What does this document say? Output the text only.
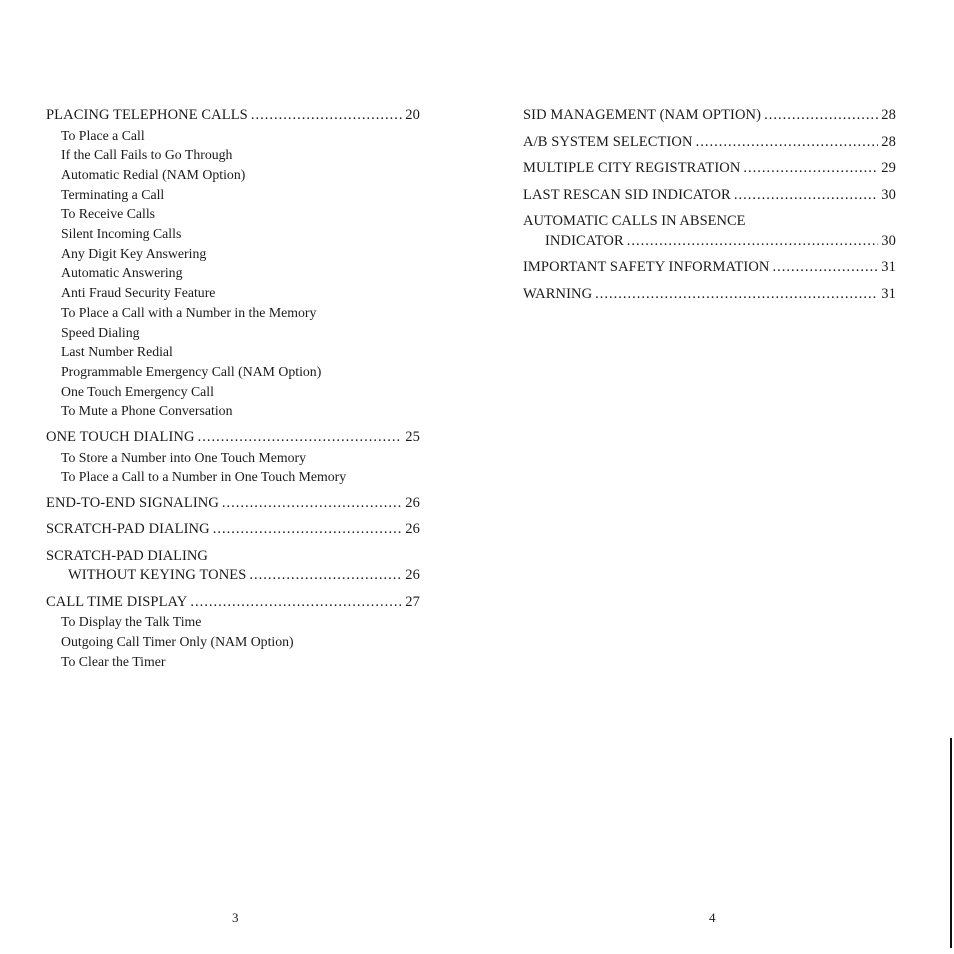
PLACING TELEPHONE CALLS .....	20
To Place a Call
If the Call Fails to Go Through
Automatic Redial (NAM Option)
Terminating a Call
To Receive Calls
Silent Incoming Calls
Any Digit Key Answering
Automatic Answering
Anti Fraud Security Feature
To Place a Call with a Number in the Memory
Speed Dialing
Last Number Redial
Programmable Emergency Call (NAM Option)
One Touch Emergency Call
To Mute a Phone Conversation
ONE TOUCH DIALING .....	25
To Store a Number into One Touch Memory
To Place a Call to a Number in One Touch Memory
END-TO-END SIGNALING .....	26
SCRATCH-PAD DIALING .....	26
SCRATCH-PAD DIALING
WITHOUT KEYING TONES .....	26
CALL TIME DISPLAY .....	27
To Display the Talk Time
Outgoing Call Timer Only (NAM Option)
To Clear the Timer
SID MANAGEMENT (NAM OPTION) .....	28
A/B SYSTEM SELECTION .....	28
MULTIPLE CITY REGISTRATION .....	29
LAST RESCAN SID INDICATOR .....	30
AUTOMATIC CALLS IN ABSENCE
INDICATOR .....	30
IMPORTANT SAFETY INFORMATION .....	31
WARNING .....	31
3	4
